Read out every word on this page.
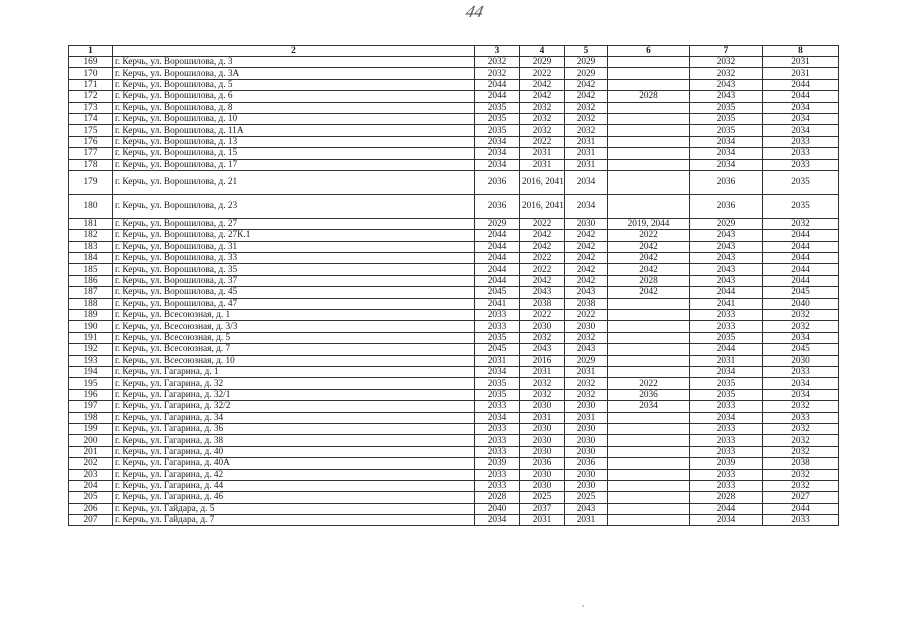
44
1	2	3	4	5	6	7	8
169	г. Керчь, ул. Ворошилова, д. 3	2032	2029	2029		2032	2031
170	г. Керчь, ул. Ворошилова, д. 3А	2032	2022	2029		2032	2031
171	г. Керчь, ул. Ворошилова, д. 5	2044	2042	2042		2043	2044
172	г. Керчь, ул. Ворошилова, д. 6	2044	2042	2042	2028	2043	2044
173	г. Керчь, ул. Ворошилова, д. 8	2035	2032	2032		2035	2034
174	г. Керчь, ул. Ворошилова, д. 10	2035	2032	2032		2035	2034
175	г. Керчь, ул. Ворошилова, д. 11А	2035	2032	2032		2035	2034
176	г. Керчь, ул. Ворошилова, д. 13	2034	2022	2031		2034	2033
177	г. Керчь, ул. Ворошилова, д. 15	2034	2031	2031		2034	2033
178	г. Керчь, ул. Ворошилова, д. 17	2034	2031	2031		2034	2033
179	г. Керчь, ул. Ворошилова, д. 21	2036	2016, 2041	2034		2036	2035
180	г. Керчь, ул. Ворошилова, д. 23	2036	2016, 2041	2034		2036	2035
181	г. Керчь, ул. Ворошилова, д. 27	2029	2022	2030	2019, 2044	2029	2032
182	г. Керчь, ул. Ворошилова, д. 27К.1	2044	2042	2042	2022	2043	2044
183	г. Керчь, ул. Ворошилова, д. 31	2044	2042	2042	2042	2043	2044
184	г. Керчь, ул. Ворошилова, д. 33	2044	2022	2042	2042	2043	2044
185	г. Керчь, ул. Ворошилова, д. 35	2044	2022	2042	2042	2043	2044
186	г. Керчь, ул. Ворошилова, д. 37	2044	2042	2042	2028	2043	2044
187	г. Керчь, ул. Ворошилова, д. 45	2045	2043	2043	2042	2044	2045
188	г. Керчь, ул. Ворошилова, д. 47	2041	2038	2038		2041	2040
189	г. Керчь, ул. Всесоюзная, д. 1	2033	2022	2022		2033	2032
190	г. Керчь, ул. Всесоюзная, д. 3/3	2033	2030	2030		2033	2032
191	г. Керчь, ул. Всесоюзная, д. 5	2035	2032	2032		2035	2034
192	г. Керчь, ул. Всесоюзная, д. 7	2045	2043	2043		2044	2045
193	г. Керчь, ул. Всесоюзная, д. 10	2031	2016	2029		2031	2030
194	г. Керчь, ул. Гагарина, д. 1	2034	2031	2031		2034	2033
195	г. Керчь, ул. Гагарина, д. 32	2035	2032	2032	2022	2035	2034
196	г. Керчь, ул. Гагарина, д. 32/1	2035	2032	2032	2036	2035	2034
197	г. Керчь, ул. Гагарина, д. 32/2	2033	2030	2030	2034	2033	2032
198	г. Керчь, ул. Гагарина, д. 34	2034	2031	2031		2034	2033
199	г. Керчь, ул. Гагарина, д. 36	2033	2030	2030		2033	2032
200	г. Керчь, ул. Гагарина, д. 38	2033	2030	2030		2033	2032
201	г. Керчь, ул. Гагарина, д. 40	2033	2030	2030		2033	2032
202	г. Керчь, ул. Гагарина, д. 40А	2039	2036	2036		2039	2038
203	г. Керчь, ул. Гагарина, д. 42	2033	2030	2030		2033	2032
204	г. Керчь, ул. Гагарина, д. 44	2033	2030	2030		2033	2032
205	г. Керчь, ул. Гагарина, д. 46	2028	2025	2025		2028	2027
206	г. Керчь, ул. Гайдара, д. 5	2040	2037	2043		2044	2044
207	г. Керчь, ул. Гайдара, д. 7	2034	2031	2031		2034	2033
